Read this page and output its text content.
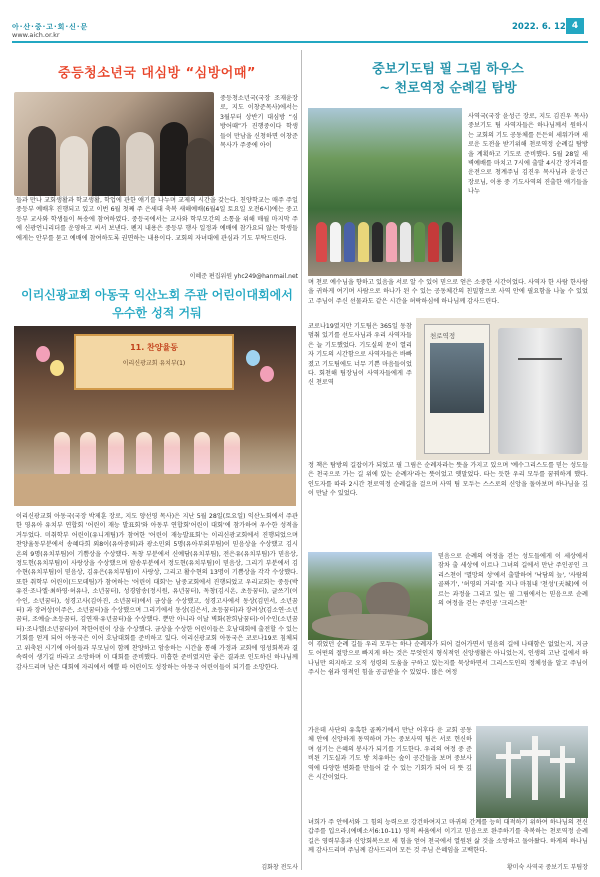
아·산·중·고·회·신·문
www.aich.or.kr
2022. 6. 12 4
중등청소년국 대심방 “심방어때”
중등청소년국(국장 조재윤장로, 지도 이창준목사)에서는 3월부터 상반기 대심방 “심방어때”가 진행중이다 학생들이 만남을 신청하면 이창준목사가 주중에 아이
들과 만나 교회생활과 학교생활, 학업에 관한 얘기를 나누며 교제의 시간을 갖는다. 친양학교는 매주 주일 중등부 예배후 진행되고 있고 이번 6월 첫째 주 은세대 축복 새해예배(6월4일 토요일 오전6시)에는 중고등부 교사와 학생들이 특송에 참여하였다. 중등국에서는 교사와 학부모간의 소통을 위해 매월 마지막 주에 신광언니리더를 운영하고 씨서 보낸다. 펜지 내용은 중등부 행사 일정과 예배에 참가요되 않는 학생들에게는 안부를 묻고 예배에 참여하도록 권면하는 내용이다. 교회의 자녀대에 관심과 기도 부탁드린다.
이혜준 편집위원 yhc249@hanmail.net
이리신광교회 아동국 익산노회 주관 어린이대회에서 우수한 성적 거둬
11. 찬양율동
이리신광교회 유치부(1)
이리신광교회 아동국(국장 박제훈 장로, 지도 양선영 목사)은 지난 5월 28일(토요일) 익산노회에서 주관한 영유아 유치부 연합회 '어린이 재능 발표회'와 아동부 연합회'어린이 대회'에 참가하여 우수한 성적을 거두었다. 미취학부 어린이(유니게팀)가 참여한 '어린이 재능발표회'는 이리신광교회에서 진행되었으며 찬양율동부분에서 송혜다희 외8이(유아중퇴)과 광소민외 5명(유아부외부팀)이 믿음상을 수상했고 김시온의 9명(유치부팀)이 기쁨상을 수상했다. 독창 부분에서 신예담(유치부팀), 전은유(유치부팀)가 믿음상, 정도헌(유치부팀)이 사랑상을 수상했으며 암송부분에서 정도현(유치부팀)이 믿음상, 그리기 부분에서 김수현(유치부팀)이 믿음상, 김유은(유치부팀)이 사랑상, 그리고 활수현의 13명이 기쁨상을 각각 수상했다. 또한 취학부 어린이(드모데팀)가 참여하는 '어린이 대회'는 남중교회에서 진행되었고 우리교회는 중등(박유진·조나엘·최하영·허유나, 소년꿈터), 성경암송(정시원, 유년꿈터), 독창(김시온, 초등꿈터), 글쓰기(이수인, 소년꿈터), 성경고사(김아진, 소년꿈터)에서 금상을 수상했고, 성경고사에서 동상(김민서, 소년꿈터) 과 장려상(이주은, 소년꿈터)을 수상했으며 그리기에서 동상(김은서, 초등꿈터)과 장려상(김소연·소년꿈터, 조예슬·초등꿈터, 김연재·유년꿈터)을 수상했다. 뿐만 아니라 이날 벽화(찬희남꿈터)·이수인(소년꿈터)·조나엘(소년꿈터)이 착한어린이 상을 수상했다. 금상을 수상한 어린이들은 호남대회에 출전할 수 있는 기회를 얻게 되어 아동국은 이어 호남대회를 준비하고 있다. 이리신광교회 아동국은 코로나19로 침체되고 위축된 시기에 아이들과 부모님이 함께 찬양하고 암송하는 시간을 통해 가정과 교회에 영성회복과 결속력이 생기길 바라고 소망하며 이 대회를 준비했다. 미흡한 준비였지만 좋은 결과로 인도하신 하나님께 감사드리며 남은 대회에 자리에서 예쁠 따 어린이도 성장하는 아동국 어린이들이 되기를 소망한다.
김화창 전도사
중보기도팀 필 그림 하우스
~ 천로역정 순례길 탐방
사역국(국장 윤성근 장로, 지도 김진우 목사) 중보기도 팀 사역자들은 하나님께서 원하시는 교회의 기도 공동체를 든든히 세워가며 새로운 도전을 받기위해 천로역정 순례길 탐방을 계획하고 기도로 준비했다. 5월 28일 새벽예배를 마치고 7시에 출발 4시간 장거리를 운전으로 청계주님 김진우 목사님과 윤성근 장로님, 이용 중 기도사역의 진출한 얘기들을 나누
며 천로 예수님을 향하고 있음을 서로 알 수 있어 믿으로 얻은 소중한 시간이었다. 사역자 한 사람 한사람을 귀하게 여기며 사람으로 하나가 된 수 있는 공동체간의 친밀함으로 사역 안에 필요함을 나눌 수 있었고 주님이 주신 선물과도 같은 시간을 허락하심에 하나님께 감사드린다.
코로나19였지만 기도팀은 365일 동참 멈춰 있기를 선도사님과 우리 사역자들은 늘 기도했었다. 기도실의 문이 열리자 기도의 시간함으로 사역자들은 바빠졌고 기도팀에도 너무 기쁜 마음들이었다. 회천해 팀장님이 사역자들에게 주신 천로역
천로역정
정 책은 탐방의 길잡이가 되었고 필 그림은 순례자라는 뜻을 가지고 있으며 '예수그리스도를 믿는 성도들은 천국으로 가는 길 위에 있는 순례자'라는 뜻이었고 옛말었다. 타는 듯한 우리 모두를 꿈꿔하게 했다. 인도자를 따라 2시간 천로역정 순례길을 걸으며 사역 팀 모두는 스스로의 신앙을 돌아보며 하나님을 깊이 만날 수 있었다.
믿음으로 순례의 여정을 걷는 성도들에게 이 세상에서 잠차 출 세상에 이르나 그녀의 길에서 만난 주인공인 크리스천이 '멸망의 성'에서 출발하여 '낙담의 늪', '사람의 골짜기', '허영의 거리'를 지나 마침내 '천성'(天城)에 이르는 과정을 그리고 있는 필 그림에서는 믿음으로 순례의 여정을 걷는 주인공 '크리스찬'
이 겪었던 순례 길들 우리 모두는 하나 순례자가 되어 걸어가면서 믿음의 길에 나태함은 없었는지, 지금도 어떤의 절망으로 빠지게 하는 것은 무엇인지 형식적인 신앙생활은 아니었는지, 인생의 고난 길에서 하나님만 의지하고 오직 성령의 도움을 구하고 있는지를 묵상하면서 그리스도인의 정체성을 알고 주님이 주시는 쉼과 영적인 힘을 공급받을 수 있었다. 많은 여정
가운데 사단의 유혹한 골짜기에서 만난 어후다 운 교회 공동체 안에 신앙하게 동역하며 가는 중보사역 팀은 서로 헌신하며 섬기는 은혜의 봉사가 되기를 기도한다. 우리의 여정 중 준비된 기도실과 기도 방 치유하는 숲이 공간들을 보며 중보사역에 다양한 변화를 만들어 갈 수 있는 기회가 되어 더 뜻 깊은 시간이었다.
녀희가 주 안에서와 그 힘의 능력으로 강건하여지고 마귀의 간계를 능히 대적하기 위하여 하나님의 전신갑주를 입으라.(에베소서6:10-11) 영적 싸움에서 이기고 믿음으로 완주하기를 축복하는 천로역정 순례길은 영력부흥과 신앙회복으로 새 힘을 얻어 천국에서 열원된 삶 것을 소망하고 돌아왔다. 하게의 하나님께 감사드리며 주님께 감사드리며 모든 것 주님 은혜임을 고백한다.
황미숙 사역국 중보기도 부팀장
